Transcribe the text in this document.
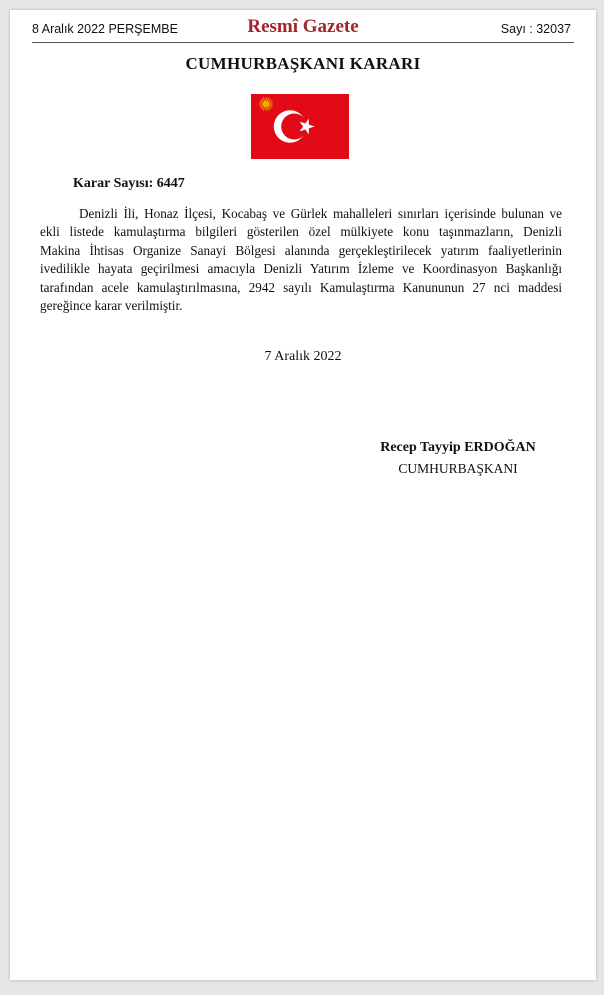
8 Aralık 2022 PERŞEMBE	Resmî Gazete	Sayı : 32037
CUMHURBAŞKANI KARARI
Karar Sayısı: 6447
Denizli İli, Honaz İlçesi, Kocabaş ve Gürlek mahalleleri sınırları içerisinde bulunan ve
ekli listede kamulaştırma bilgileri gösterilen özel mülkiyete konu taşınmazların, Denizli
Makina İhtisas Organize Sanayi Bölgesi alanında gerçekleştirilecek yatırım faaliyetlerinin
ivedilikle hayata geçirilmesi amacıyla Denizli Yatırım İzleme ve Koordinasyon Başkanlığı
tarafından acele kamulaştırılmasına, 2942 sayılı Kamulaştırma Kanununun 27 nci maddesi
gereğince karar verilmiştir.
7 Aralık 2022
Recep Tayyip ERDOĞAN
CUMHURBAŞKANI
